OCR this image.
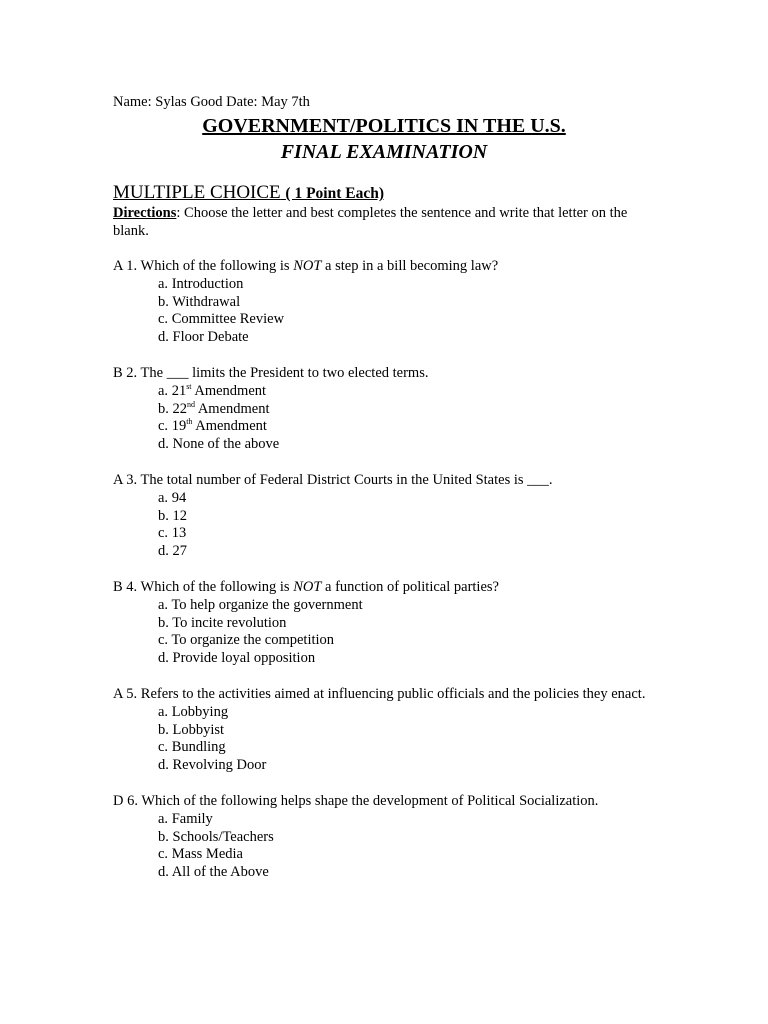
Name: Sylas Good Date: May 7th
GOVERNMENT/POLITICS IN THE U.S.
FINAL EXAMINATION
MULTIPLE CHOICE ( 1 Point Each)
Directions: Choose the letter and best completes the sentence and write that letter on the blank.
A 1. Which of the following is NOT a step in a bill becoming law?
a. Introduction
b. Withdrawal
c. Committee Review
d. Floor Debate
B 2. The ___ limits the President to two elected terms.
a. 21st Amendment
b. 22nd Amendment
c. 19th Amendment
d. None of the above
A 3. The total number of Federal District Courts in the United States is ___.
a. 94
b. 12
c. 13
d. 27
B 4. Which of the following is NOT a function of political parties?
a. To help organize the government
b. To incite revolution
c. To organize the competition
d. Provide loyal opposition
A 5. Refers to the activities aimed at influencing public officials and the policies they enact.
a. Lobbying
b. Lobbyist
c. Bundling
d. Revolving Door
D 6. Which of the following helps shape the development of Political Socialization.
a. Family
b. Schools/Teachers
c. Mass Media
d. All of the Above
